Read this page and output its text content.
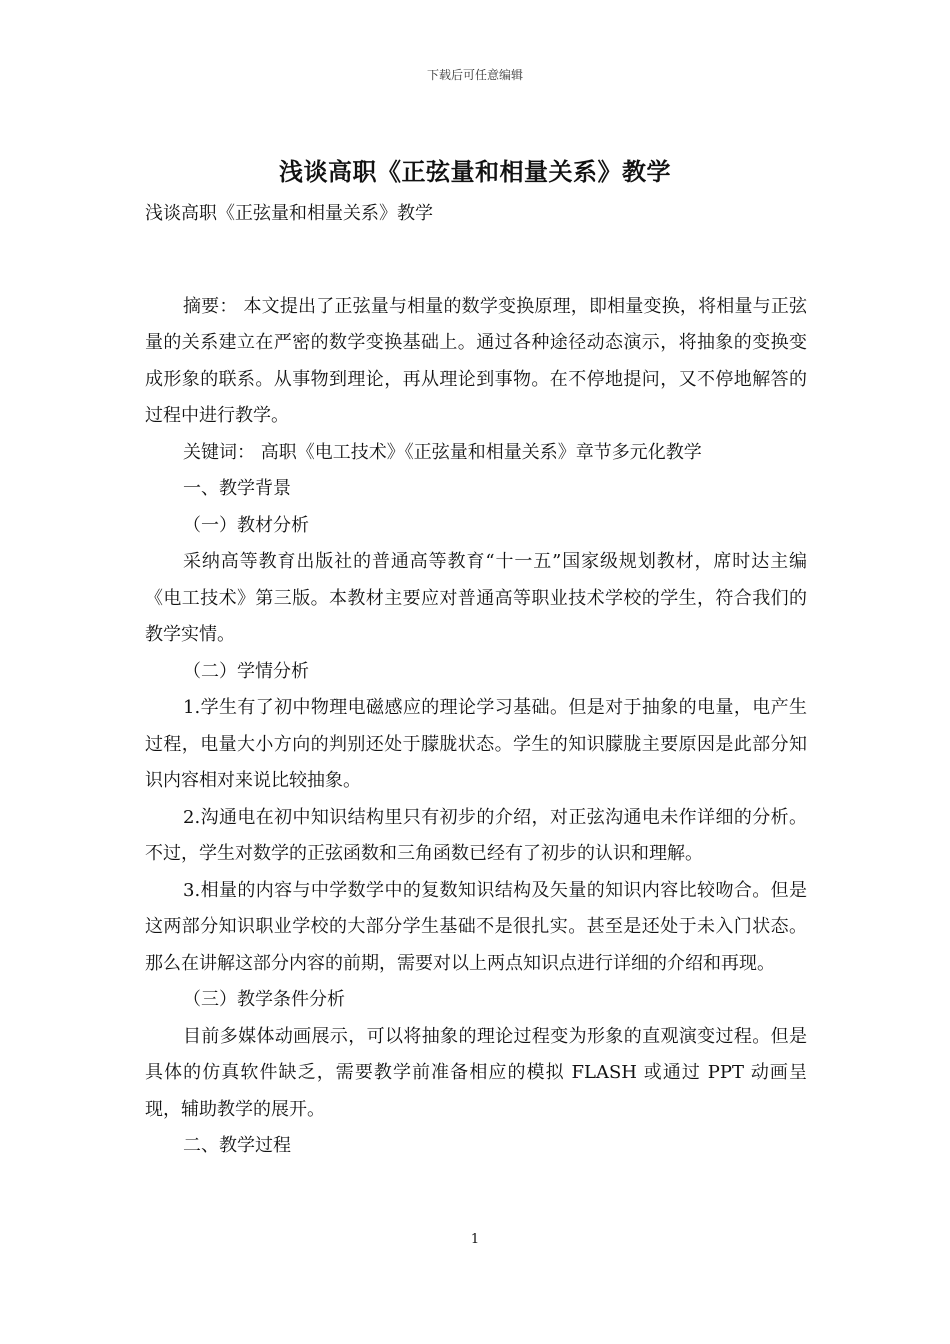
下载后可任意编辑
浅谈高职《正弦量和相量关系》教学

浅谈高职《正弦量和相量关系》教学

摘要： 本文提出了正弦量与相量的数学变换原理，即相量变换，将相量与正弦量的关系建立在严密的数学变换基础上。通过各种途径动态演示，将抽象的变换变成形象的联系。从事物到理论，再从理论到事物。在不停地提问，又不停地解答的过程中进行教学。

关键词： 高职《电工技术》《正弦量和相量关系》章节多元化教学

一、教学背景

（一）教材分析

采纳高等教育出版社的普通高等教育“十一五”国家级规划教材，席时达主编《电工技术》第三版。本教材主要应对普通高等职业技术学校的学生，符合我们的教学实情。

（二）学情分析

1.学生有了初中物理电磁感应的理论学习基础。但是对于抽象的电量，电产生过程，电量大小方向的判别还处于朦胧状态。学生的知识朦胧主要原因是此部分知识内容相对来说比较抽象。

2.沟通电在初中知识结构里只有初步的介绍，对正弦沟通电未作详细的分析。不过，学生对数学的正弦函数和三角函数已经有了初步的认识和理解。

3.相量的内容与中学数学中的复数知识结构及矢量的知识内容比较吻合。但是这两部分知识职业学校的大部分学生基础不是很扎实。甚至是还处于未入门状态。那么在讲解这部分内容的前期，需要对以上两点知识点进行详细的介绍和再现。

（三）教学条件分析

目前多媒体动画展示，可以将抽象的理论过程变为形象的直观演变过程。但是具体的仿真软件缺乏，需要教学前准备相应的模拟 FLASH 或通过 PPT 动画呈现，辅助教学的展开。

二、教学过程

1
